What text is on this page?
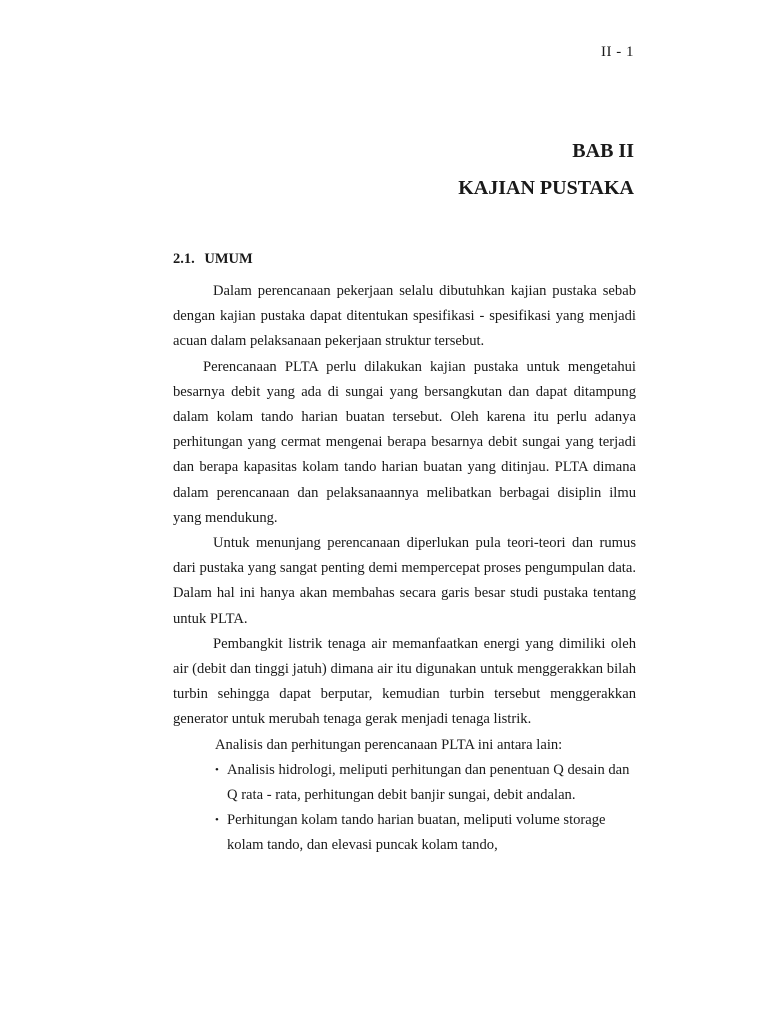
II - 1
BAB II
KAJIAN PUSTAKA
2.1. UMUM

Dalam perencanaan pekerjaan selalu dibutuhkan kajian pustaka sebab dengan kajian pustaka dapat ditentukan spesifikasi - spesifikasi yang menjadi acuan dalam pelaksanaan pekerjaan struktur tersebut.

Perencanaan PLTA perlu dilakukan kajian pustaka untuk mengetahui besarnya debit yang ada di sungai yang bersangkutan dan dapat ditampung dalam kolam tando harian buatan tersebut. Oleh karena itu perlu adanya perhitungan yang cermat mengenai berapa besarnya debit sungai yang terjadi dan berapa kapasitas kolam tando harian buatan yang ditinjau. PLTA dimana dalam perencanaan dan pelaksanaannya melibatkan berbagai disiplin ilmu yang mendukung.

Untuk menunjang perencanaan diperlukan pula teori-teori dan rumus dari pustaka yang sangat penting demi mempercepat proses pengumpulan data. Dalam hal ini hanya akan membahas secara garis besar studi pustaka tentang untuk PLTA.

Pembangkit listrik tenaga air memanfaatkan energi yang dimiliki oleh air (debit dan tinggi jatuh) dimana air itu digunakan untuk menggerakkan bilah turbin sehingga dapat berputar, kemudian turbin tersebut menggerakkan generator untuk merubah tenaga gerak menjadi tenaga listrik.

Analisis dan perhitungan perencanaan PLTA ini antara lain:

• Analisis hidrologi, meliputi perhitungan dan penentuan Q desain dan Q rata - rata, perhitungan debit banjir sungai, debit andalan.
• Perhitungan kolam tando harian buatan, meliputi volume storage kolam tando, dan elevasi puncak kolam tando,
